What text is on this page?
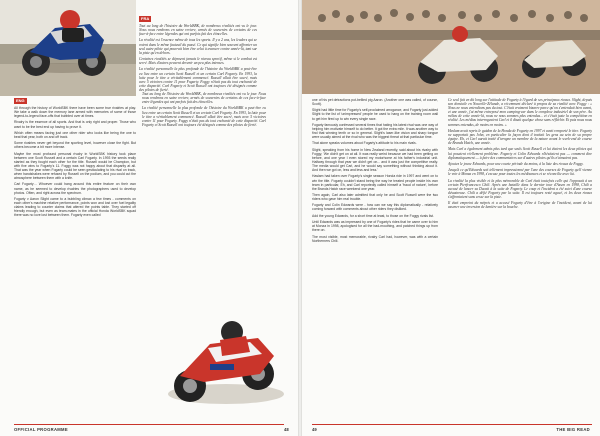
FRA

Tout au long de l'histoire du WorldSBK, de nombreux rivalités ont vu le jour. Nous nous rendrons en saine revivre, armés de souvenirs de certains de ces face-à-face entre légendes qui ont parfois fait des étincelles.

La rivalité est l'essence même de tous les sports. Il y a 2 ans, les leaders qui se voient dans le même fauteuil du passé. Ce qui signifie bien souvent affronter un seul autre pilote qui pourrait bien être celui à avancer contre année-là, tant sur la piste qu'en dehors.

Certaines rivalités se déposent jamais le niveau sportif, même si le combat est serré. Mais d'autres peuvent devenir un peu plus intenses.

La rivalité personnelle la plus profonde de l'histoire du WorldSBK a peut-être eu lieu entre un certain Scott Russell et un certain Carl Fogarty. En 1993, la lutte pour le titre a véritablement commencé. Russell allait être sacré, mais avec 5 victoires contre 11 pour Fogarty. Foggy n'était pas du tout enchanté de cette disparité. Carl Fogarty et Scott Russell ont toujours été désignés comme des pilotes de fierté.

ENG

All through the history of WorldSBK there have been some true rivalries at play. We take a walk down the memory lane armed with memories of some of those legend-to-legend face-offs that bubbled over at times.

Rivalry is the essence of all sports. And that is only right and proper. Those who want to be the best end up having to prove it.

Which often means facing just one other rider who looks like being the one to beat that year, both on and off track.

Some rivalries never get beyond the sporting level, however close the fight. But others become a bit more intense.

Maybe the most profound personal rivalry in WorldSBK history took place between one Scott Russell and a certain Carl Fogarty. In 1993 the seeds really started as they fought each other for the title. Russell would be Champion, but with five wins to Fogarty's 11. Foggy was not happy about that disparity at all. That was the year when Fogarty could be seen gesticulating to his rival on track, when handshakes were refused by Russell on the podium, and you could cut the atmosphere between them with a knife.

Carl Fogarty… Whoever could hang around this entire feature on their own name, as he seemed to develop rivalries the photographers used to develop photos. Often, and right across the spectrum.

Fogarty v Aaron Slight came to a bubbling climax a few times - comments on each other's machine relative performance, points won and lost over fuel legality claims leading to counter claims that altered the points table. They started off friendly enough, but even as team-mates in the official Honda WorldSBK squad there was no love lost between them. Fogarty even called

Tout au long de l'histoire du WorldSBK, de nombreux rivalités ont vu le jour. Nous nous rendrons en saine revivre, armés de souvenirs de certains de ces face-à-face entre légendes qui ont parfois fait des étincelles.

La rivalité personnelle la plus profonde de l'histoire du WorldSBK a peut-être eu lieu entre un certain Scott Russell et un certain Carl Fogarty. En 1993, la lutte pour le titre a véritablement commencé. Russell allait être sacré, mais avec 5 victoires contre 11 pour Fogarty. Foggy n'était pas du tout enchanté de cette disparité. Carl Fogarty et Scott Russell ont toujours été désignés comme des pilotes de fierté.

OFFICIAL PROGRAMME	48

one of his pet detractions pot-bellied pig Aaron. (Another one was called, of course, Scott).

Slight had little time for Fogarty's self-proclaimed arrogance, and Fogarty just added Slight to the list of 'unimpressed' people he used to hang on the training room wall to get him fired up to win every single race.

Fogarty famously confessed several times that hating his latest rival was one way of helping him motivate himself to do better. It got the extra mile. It was another way to find that winning tenth or so in general. Slight's laser-like vision and sharp tongue were usually aimed at the rival who was the biggest threat at that particular time.

That alone speaks volumes about Fogarty's attitude to his main rivals.

Slight, speaking from his home in New Zealand recently, said about his rivalry with Foggy, 'We didn't get on at all. It was really weird because we had been getting on before, and one year I even stored my motorhome at his father's industrial unit. Halfway through that year we didn't get on... and it was just the competitive really. The media would get Carl, and he would say something without thinking about it. And then we got on, less and less and less.'

Haslam had taken over Fogarty's single season Honda ride in 1997 and went on to win the title. Fogarty couldn't stand being the way he treated people inside his own team in particular, Eh, and Carl reportedly called himself a 'fraud of nature', before the Brands Hatch race weekend one year.

Then again, Carl also later admitted that only he and Scott Russell were the two riders who gave him real trouble.

Fogarty and Colin Edwards were - how can we say this diplomatically - relatively coming forward with comments about other riders they disliked.

Add the young Edwards, for a short time at least, to those on the Foggy rivals list.

Until Edwards was as impressed by one of Fogarty's rides that he came over to him at Monza in 1998, apologised for all the bad-mouthing, and patched things up from there on.

The most visible, most memorable, rivalry Carl had, however, was with a certain Northerners Chili.

Ce seul fait en dit long sur l'attitude de Fogarty à l'égard de ses principaux rivaux. Slight, depuis son domicile en Nouvelle-Zélande, a récemment déclaré à propos de sa rivalité avec Foggy : « Nous ne nous entendions pas du tout. C'était vraiment bizarre parce qu'on s'entendait bien avant, et une année, j'ai même entreposé mon camping-car dans le complexe industriel de son père. Au milieu de cette année-là, nous ne nous sommes plus entendus... et c'était juste la compétition en réalité. Les médias interrogeaient Carl et il disait quelque chose sans réfléchir. Et puis nous nous sommes entendus, de moins en moins. »

Haslam avait repris le guidon de la Honda de Fogarty en 1997 et avait remporté le titre. Fogarty ne supportait pas John, en particulier la façon dont il traitait les gens au sein de sa propre équipe. Eh, et Carl aurait traité d'ivrogne un membre de la nature avant le week-end de course de Brands Hatch, une année.

Mais Carl a également admis plus tard que seuls Scott Russell et lui étaient les deux pilotes qui lui posaient réellement problème. Fogarty et Colin Edwards n'hésitaient pas — comment dire diplomatiquement — à faire des commentaires sur d'autres pilotes qu'ils n'aimaient pas.

Ajoutez le jeune Edwards, pour une courte période du moins, à la liste des rivaux de Foggy.

Jusqu'à ce qu'Edwards soit tellement impressionné par l'une des courses de Fogarty qu'il vienne le voir à Monza en 1998, s'excuse pour toutes les médisances et se réconcilie avec lui.

La rivalité la plus visible et la plus mémorable de Carl était toutefois celle qui l'opposait à un certain Pierfrancesco Chili. Après une bataille dans le dernier tour d'Assen en 1998, Chili a accusé de lancer sa Ducati à la suite de Fogarty. Le coup et l'incident a été suivi d'une course désastreuse. Chili a défié Fogarty par la suite. Il est toujours resté agacé, et les deux rivaux s'affrontaient sans cesse sur la piste.

Il était empreint du mépris et a accusé Fogarty d'être à l'origine de l'incident, avant de lui assener une inversion de lumière sur la bouche.

49	THE BIG READ
